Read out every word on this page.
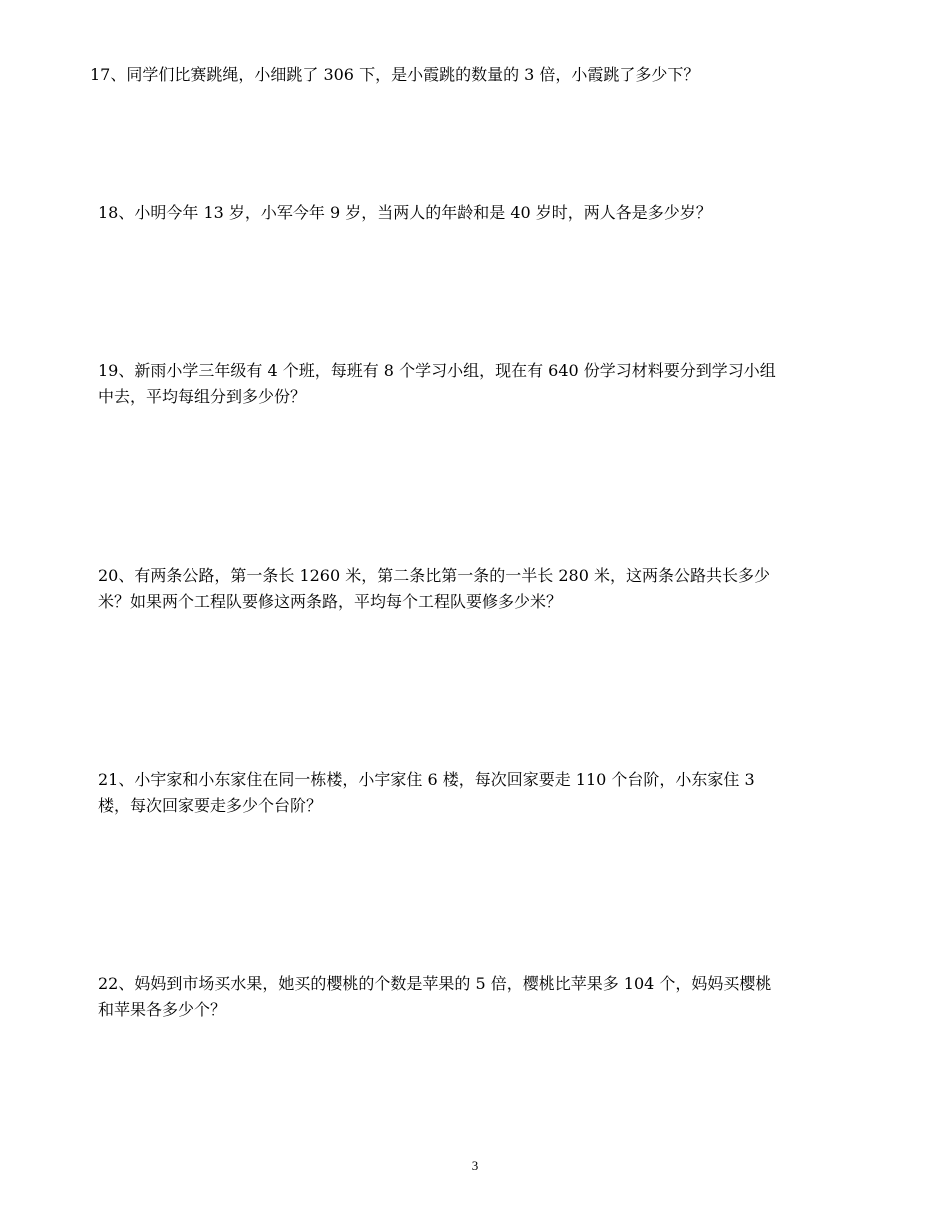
17、同学们比赛跳绳，小细跳了 306 下，是小霞跳的数量的 3 倍，小霞跳了多少下？
18、小明今年 13 岁，小军今年 9 岁，当两人的年龄和是 40 岁时，两人各是多少岁？
19、新雨小学三年级有 4 个班，每班有 8 个学习小组，现在有 640 份学习材料要分到学习小组
中去，平均每组分到多少份？
20、有两条公路，第一条长 1260 米，第二条比第一条的一半长 280 米，这两条公路共长多少
米？如果两个工程队要修这两条路，平均每个工程队要修多少米？
21、小宇家和小东家住在同一栋楼，小宇家住 6 楼，每次回家要走 110 个台阶，小东家住 3
楼，每次回家要走多少个台阶？
22、妈妈到市场买水果，她买的樱桃的个数是苹果的 5 倍，樱桃比苹果多 104 个，妈妈买樱桃
和苹果各多少个？
3
